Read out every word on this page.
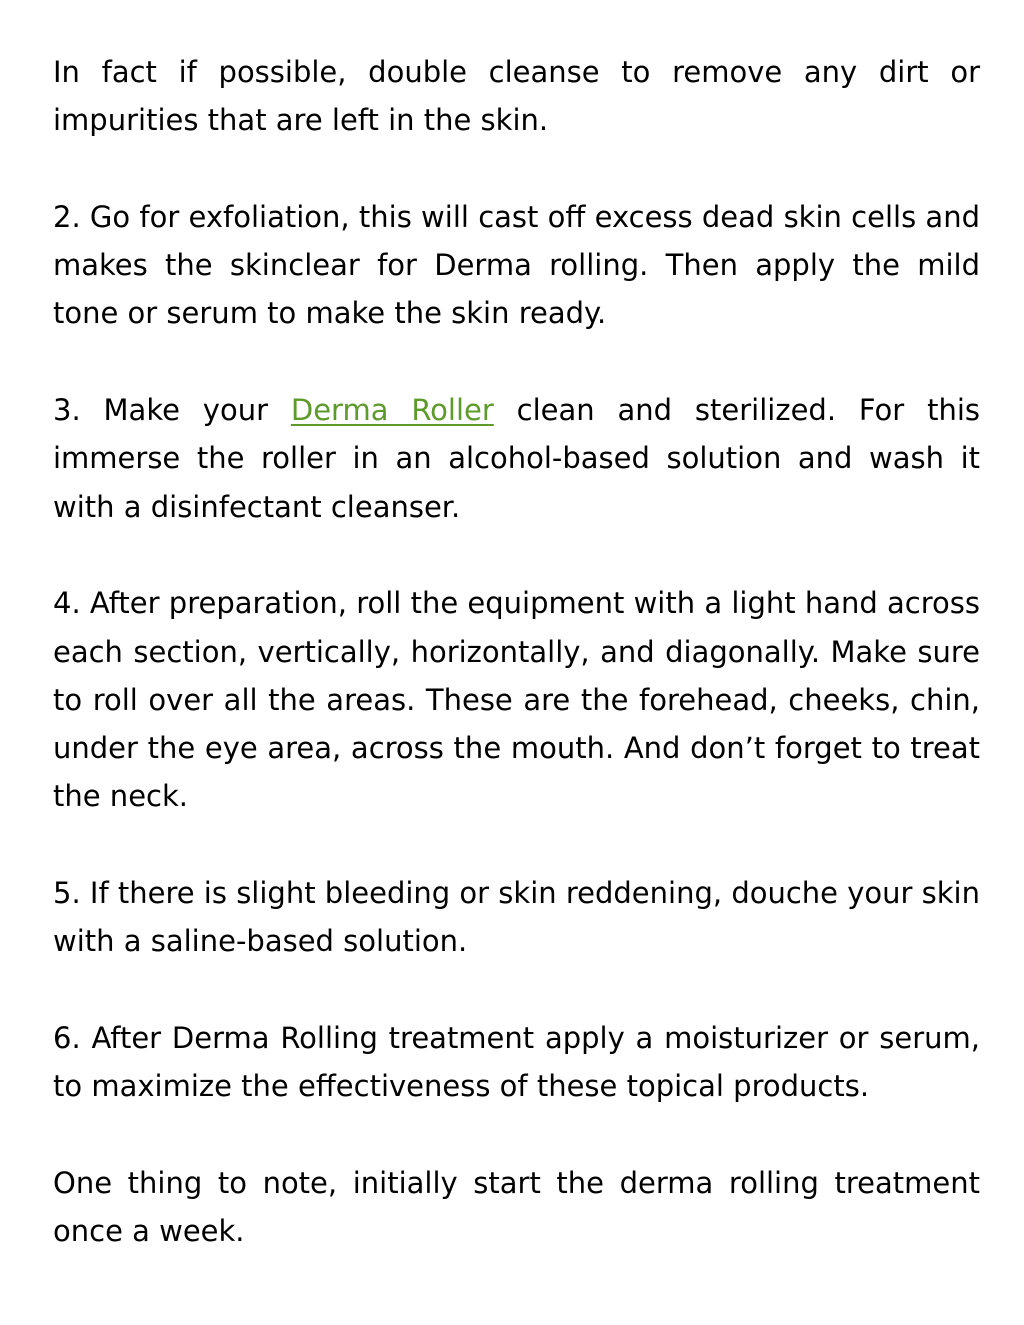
In fact if possible, double cleanse to remove any dirt or impurities that are left in the skin.

2. Go for exfoliation, this will cast off excess dead skin cells and makes the skinclear for Derma rolling. Then apply the mild tone or serum to make the skin ready.

3. Make your Derma Roller clean and sterilized. For this immerse the roller in an alcohol-based solution and wash it with a disinfectant cleanser.

4. After preparation, roll the equipment with a light hand across each section, vertically, horizontally, and diagonally. Make sure to roll over all the areas. These are the forehead, cheeks, chin, under the eye area, across the mouth. And don’t forget to treat the neck.

5. If there is slight bleeding or skin reddening, douche your skin with a saline-based solution.

6. After Derma Rolling treatment apply a moisturizer or serum, to maximize the effectiveness of these topical products.

One thing to note, initially start the derma rolling treatment once a week.
